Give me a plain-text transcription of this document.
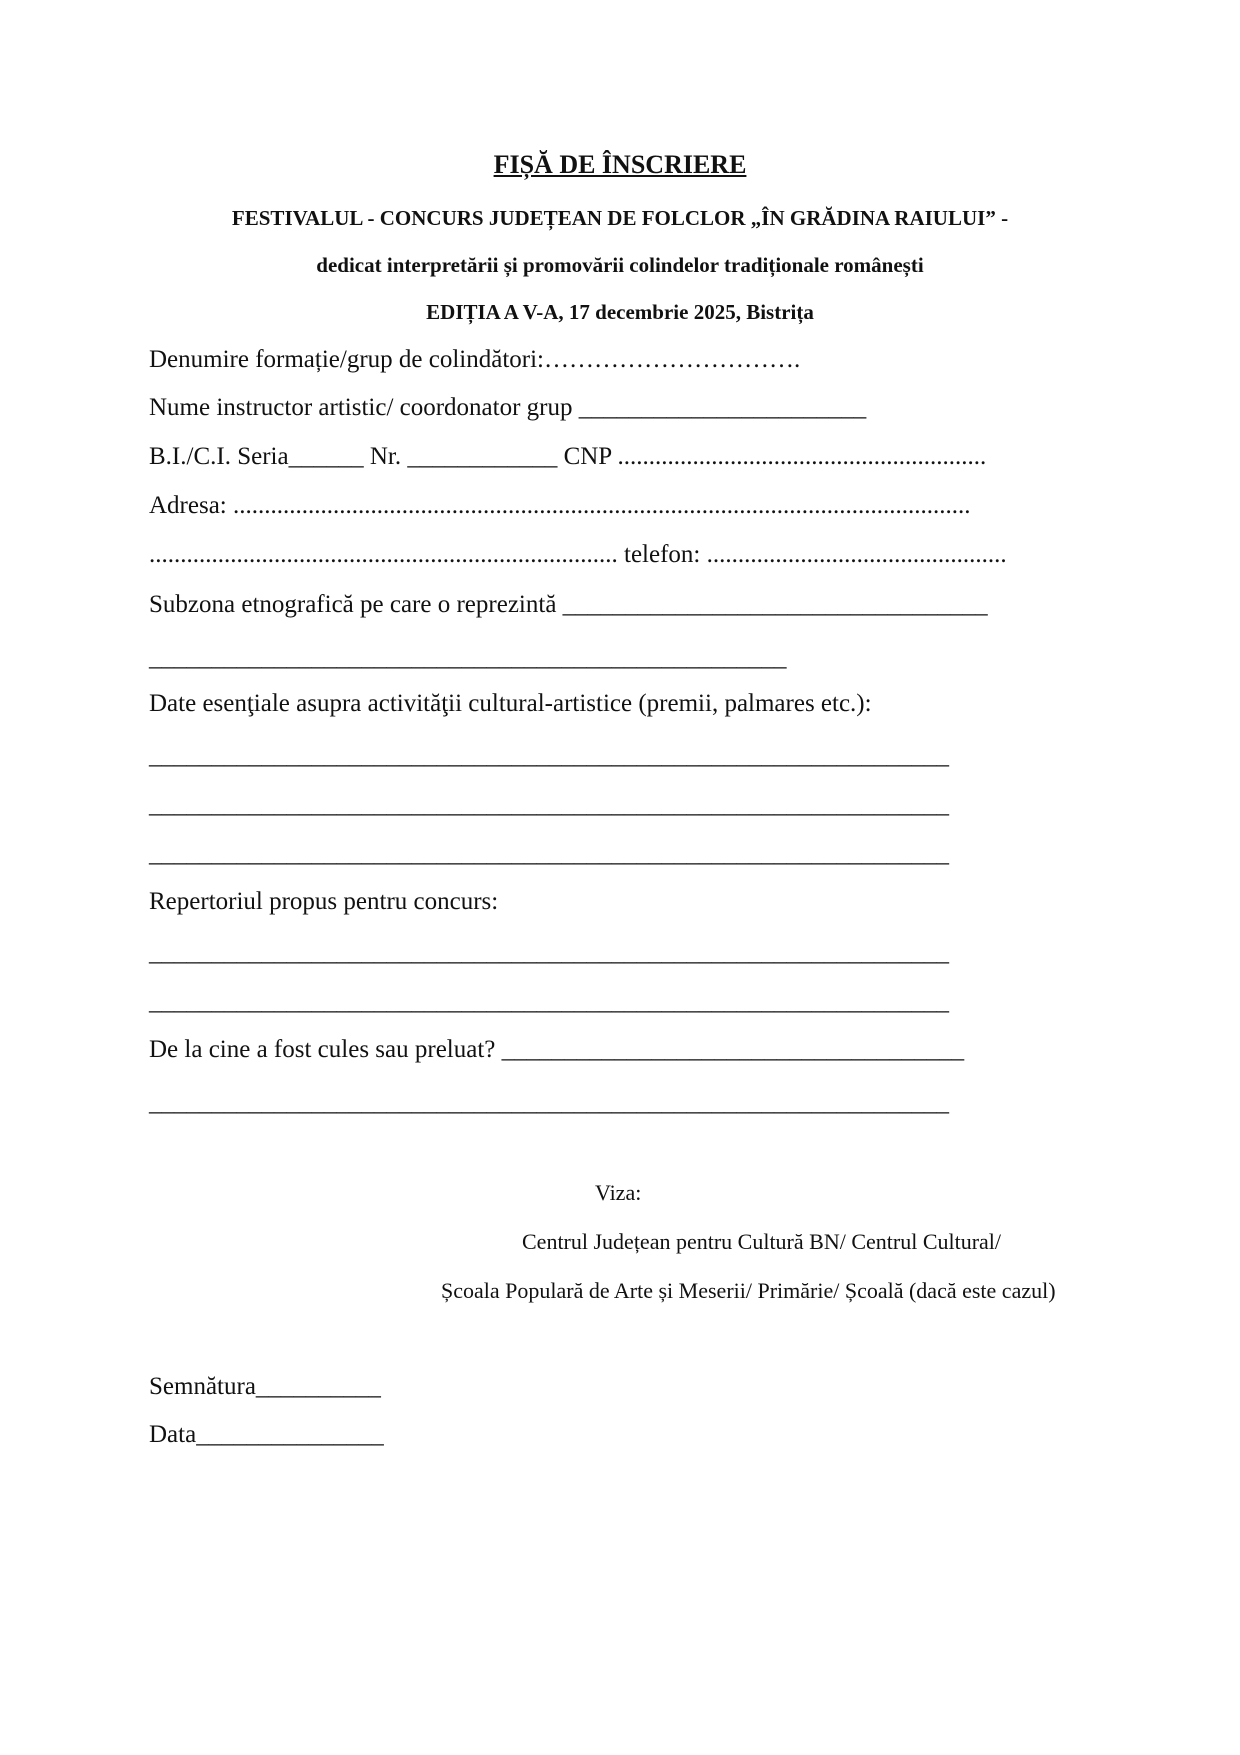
FIȘĂ DE ÎNSCRIERE
FESTIVALUL - CONCURS JUDEȚEAN DE FOLCLOR „ÎN GRĂDINA RAIULUI” -
dedicat interpretării și promovării colindelor tradiționale românești
EDIȚIA A V-A, 17 decembrie 2025, Bistrița
Denumire formație/grup de colindători:………………………….
Nume instructor artistic/ coordonator grup _______________________
B.I./C.I. Seria______ Nr. ____________ CNP ...........................................................
Adresa: ......................................................................................................................
........................................................................... telefon: ................................................
Subzona etnografică pe care o reprezintă __________________________________
___________________________________________________
Date esenţiale asupra activităţii cultural-artistice (premii, palmares etc.):
________________________________________________________________
________________________________________________________________
________________________________________________________________
Repertoriul propus pentru concurs:
________________________________________________________________
________________________________________________________________
De la cine a fost cules sau preluat? _____________________________________
________________________________________________________________
Viza:
Centrul Județean pentru Cultură BN/ Centrul Cultural/
Școala Populară de Arte și Meserii/ Primărie/ Școală (dacă este cazul)
Semnătura__________
Data_______________
